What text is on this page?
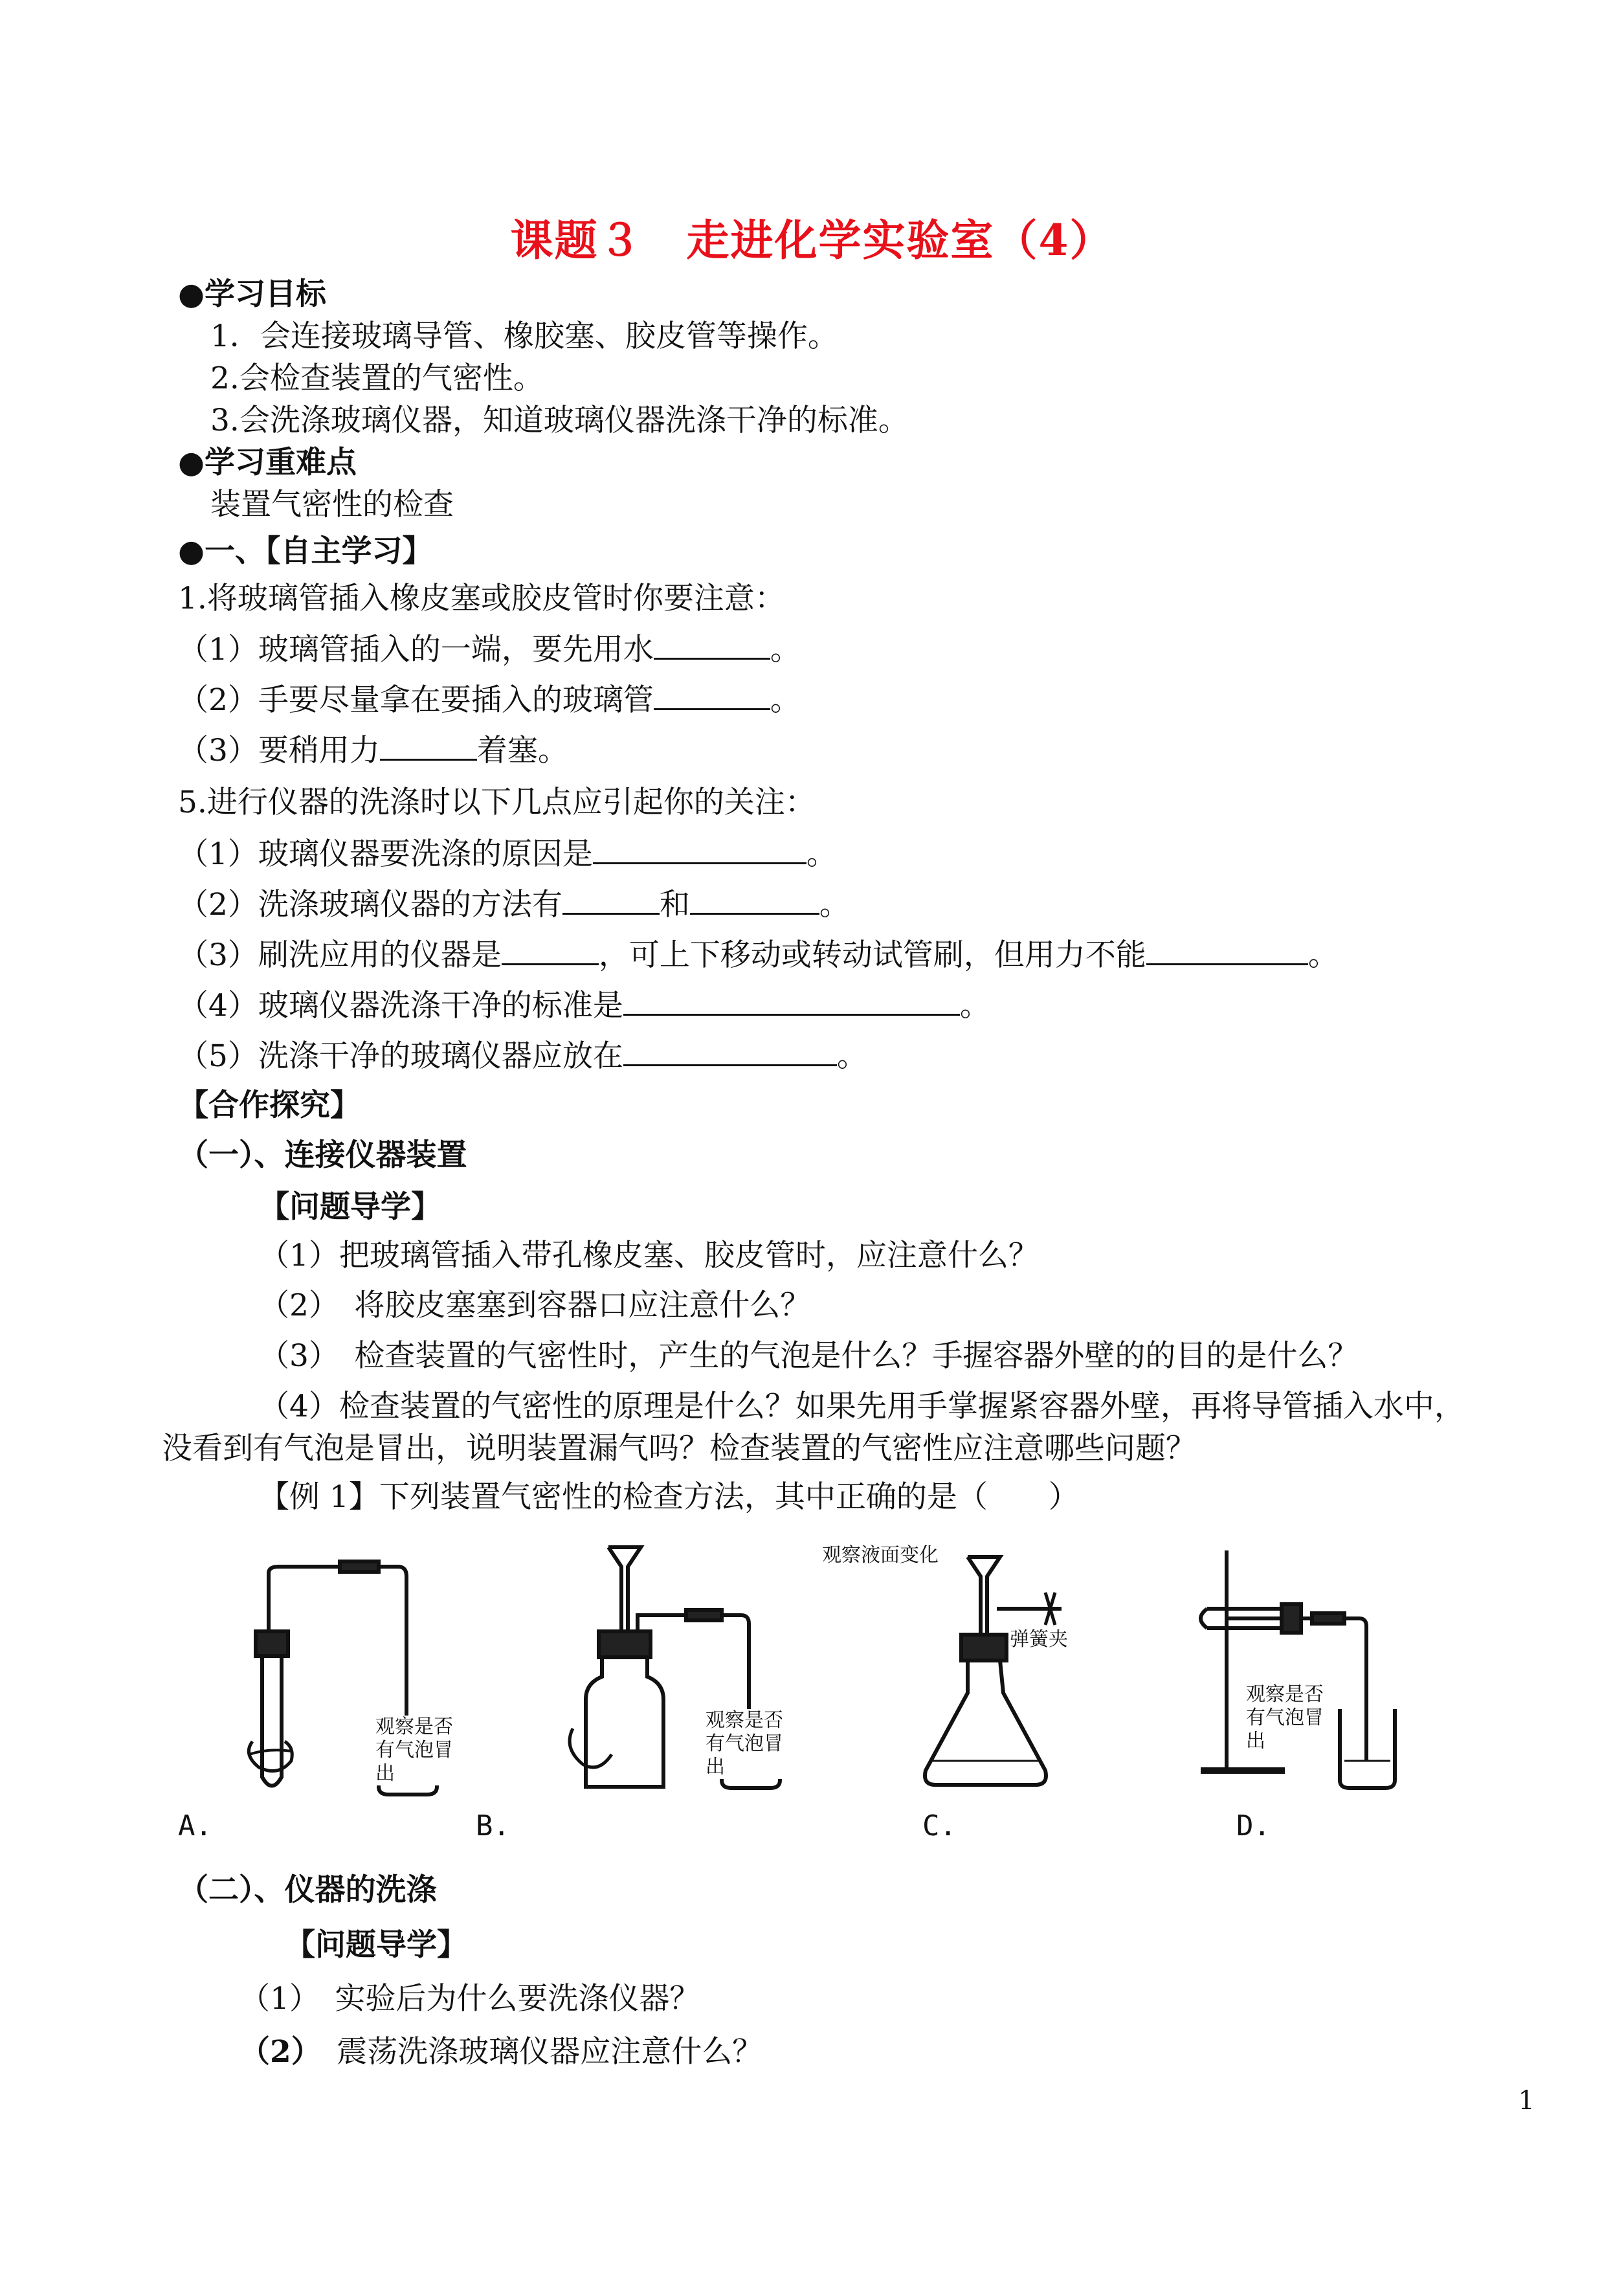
课题３　走进化学实验室（4）
●学习目标
1．会连接玻璃导管、橡胶塞、胶皮管等操作。
2.会检查装置的气密性。
3.会洗涤玻璃仪器，知道玻璃仪器洗涤干净的标准。
●学习重难点
装置气密性的检查
●一、【自主学习】
1.将玻璃管插入橡皮塞或胶皮管时你要注意：
（1）玻璃管插入的一端，要先用水	。
（2）手要尽量拿在要插入的玻璃管	。
（3）要稍用力	着塞。
5.进行仪器的洗涤时以下几点应引起你的关注：
（1）玻璃仪器要洗涤的原因是	。
（2）洗涤玻璃仪器的方法有	和	。
（3）刷洗应用的仪器是	，可上下移动或转动试管刷，但用力不能	。
（4）玻璃仪器洗涤干净的标准是	。
（5）洗涤干净的玻璃仪器应放在	。
【合作探究】
（一）、连接仪器装置
【问题导学】
（1）把玻璃管插入带孔橡皮塞、胶皮管时，应注意什么？
（2）　将胶皮塞塞到容器口应注意什么？
（3）　检查装置的气密性时，产生的气泡是什么？手握容器外壁的的目的是什么？
（4）检查装置的气密性的原理是什么？如果先用手掌握紧容器外壁，再将导管插入水中，
没看到有气泡是冒出，说明装置漏气吗？检查装置的气密性应注意哪些问题？
【例 1】下列装置气密性的检查方法，其中正确的是（　　）
观察是否有气泡冒出
观察是否有气泡冒出
观察液面变化
弹簧夹
观察是否有气泡冒出
A.	B.	C.	D.
（二）、仪器的洗涤
【问题导学】
（1）　实验后为什么要洗涤仪器？
（2）　震荡洗涤玻璃仪器应注意什么？
1
